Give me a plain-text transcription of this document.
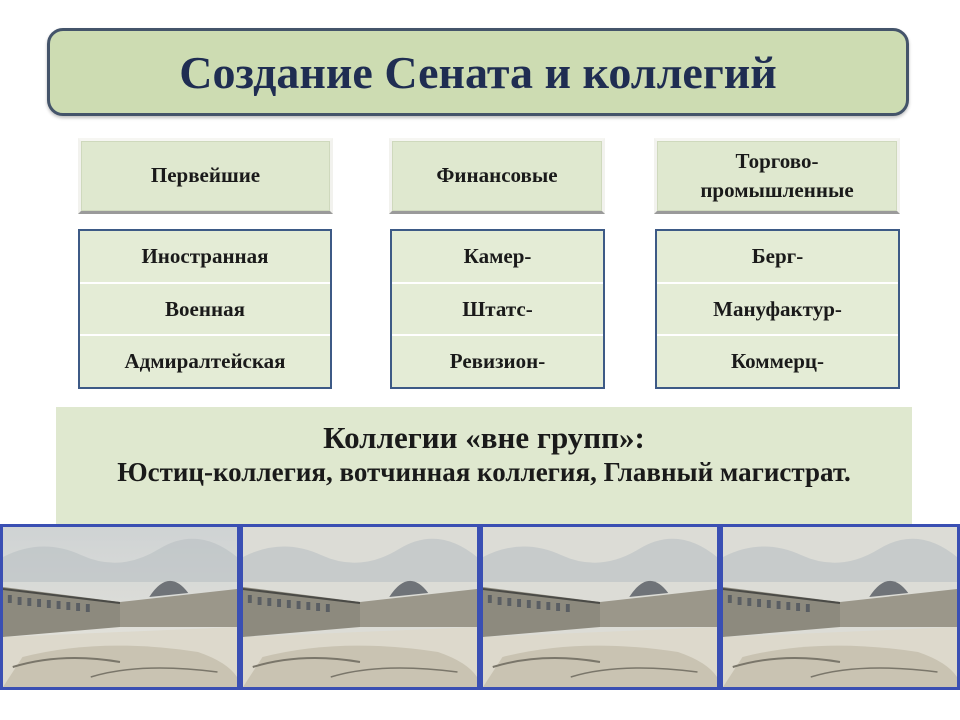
Создание Сената и коллегий
Первейшие
Иностранная
Военная
Адмиралтейская
Финансовые
Камер-
Штатс-
Ревизион-
Торгово-промышленные
Берг-
Мануфактур-
Коммерц-
Коллегии «вне групп»:
Юстиц-коллегия, вотчинная коллегия, Главный магистрат.
